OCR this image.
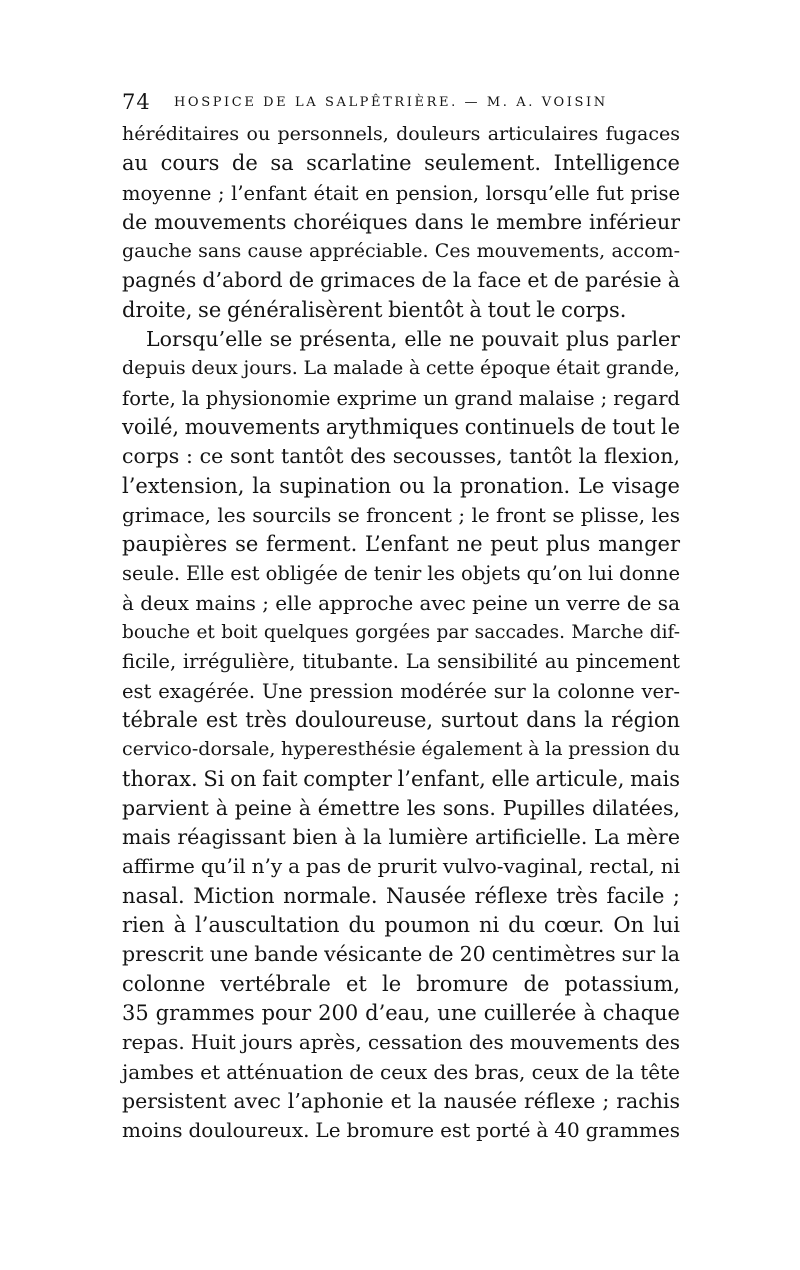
74 HOSPICE DE LA SALPÊTRIÈRE. — M. A. VOISIN
héréditaires ou personnels, douleurs articulaires fugaces
au cours de sa scarlatine seulement. Intelligence
moyenne ; l’enfant était en pension, lorsqu’elle fut prise
de mouvements choréiques dans le membre inférieur
gauche sans cause appréciable. Ces mouvements, accom-
pagnés d’abord de grimaces de la face et de parésie à
droite, se généralisèrent bientôt à tout le corps.
Lorsqu’elle se présenta, elle ne pouvait plus parler
depuis deux jours. La malade à cette époque était grande,
forte, la physionomie exprime un grand malaise ; regard
voilé, mouvements arythmiques continuels de tout le
corps : ce sont tantôt des secousses, tantôt la flexion,
l’extension, la supination ou la pronation. Le visage
grimace, les sourcils se froncent ; le front se plisse, les
paupières se ferment. L’enfant ne peut plus manger
seule. Elle est obligée de tenir les objets qu’on lui donne
à deux mains ; elle approche avec peine un verre de sa
bouche et boit quelques gorgées par saccades. Marche dif-
ficile, irrégulière, titubante. La sensibilité au pincement
est exagérée. Une pression modérée sur la colonne ver-
tébrale est très douloureuse, surtout dans la région
cervico-dorsale, hyperesthésie également à la pression du
thorax. Si on fait compter l’enfant, elle articule, mais
parvient à peine à émettre les sons. Pupilles dilatées,
mais réagissant bien à la lumière artificielle. La mère
affirme qu’il n’y a pas de prurit vulvo-vaginal, rectal, ni
nasal. Miction normale. Nausée réflexe très facile ;
rien à l’auscultation du poumon ni du cœur. On lui
prescrit une bande vésicante de 20 centimètres sur la
colonne vertébrale et le bromure de potassium,
35 grammes pour 200 d’eau, une cuillerée à chaque
repas. Huit jours après, cessation des mouvements des
jambes et atténuation de ceux des bras, ceux de la tête
persistent avec l’aphonie et la nausée réflexe ; rachis
moins douloureux. Le bromure est porté à 40 grammes
